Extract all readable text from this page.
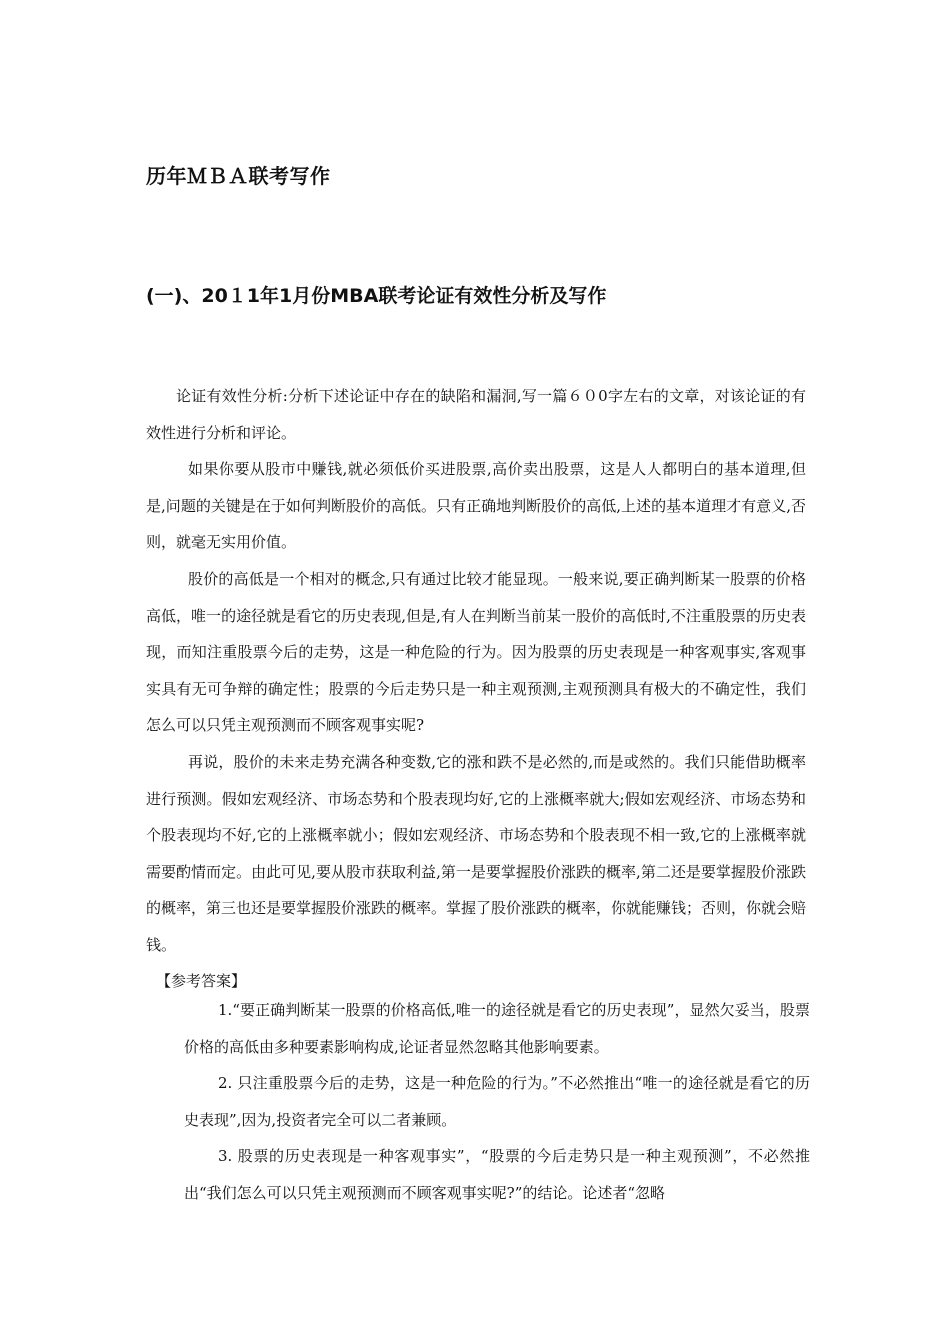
历年ＭＢＡ联考写作
(一)、20１1年1月份MBA联考论证有效性分析及写作

论证有效性分析:分析下述论证中存在的缺陷和漏洞,写一篇６０0字左右的文章，对该论证的有效性进行分析和评论。

如果你要从股市中赚钱,就必须低价买进股票,高价卖出股票，这是人人都明白的基本道理,但是,问题的关键是在于如何判断股价的高低。只有正确地判断股价的高低,上述的基本道理才有意义,否则，就毫无实用价值。

股价的高低是一个相对的概念,只有通过比较才能显现。一般来说,要正确判断某一股票的价格高低，唯一的途径就是看它的历史表现,但是,有人在判断当前某一股价的高低时,不注重股票的历史表现，而知注重股票今后的走势，这是一种危险的行为。因为股票的历史表现是一种客观事实,客观事实具有无可争辩的确定性；股票的今后走势只是一种主观预测,主观预测具有极大的不确定性，我们怎么可以只凭主观预测而不顾客观事实呢?

再说，股价的未来走势充满各种变数,它的涨和跌不是必然的,而是或然的。我们只能借助概率进行预测。假如宏观经济、市场态势和个股表现均好,它的上涨概率就大;假如宏观经济、市场态势和个股表现均不好,它的上涨概率就小；假如宏观经济、市场态势和个股表现不相一致,它的上涨概率就需要酌情而定。由此可见,要从股市获取利益,第一是要掌握股价涨跌的概率,第二还是要掌握股价涨跌的概率，第三也还是要掌握股价涨跌的概率。掌握了股价涨跌的概率，你就能赚钱；否则，你就会赔钱。

【参考答案】

1.“要正确判断某一股票的价格高低,唯一的途径就是看它的历史表现”，显然欠妥当，股票价格的高低由多种要素影响构成,论证者显然忽略其他影响要素。

2. 只注重股票今后的走势，这是一种危险的行为。”不必然推出“唯一的途径就是看它的历史表现”,因为,投资者完全可以二者兼顾。

3. 股票的历史表现是一种客观事实”，“股票的今后走势只是一种主观预测”，不必然推出“我们怎么可以只凭主观预测而不顾客观事实呢?”的结论。论述者“忽略
